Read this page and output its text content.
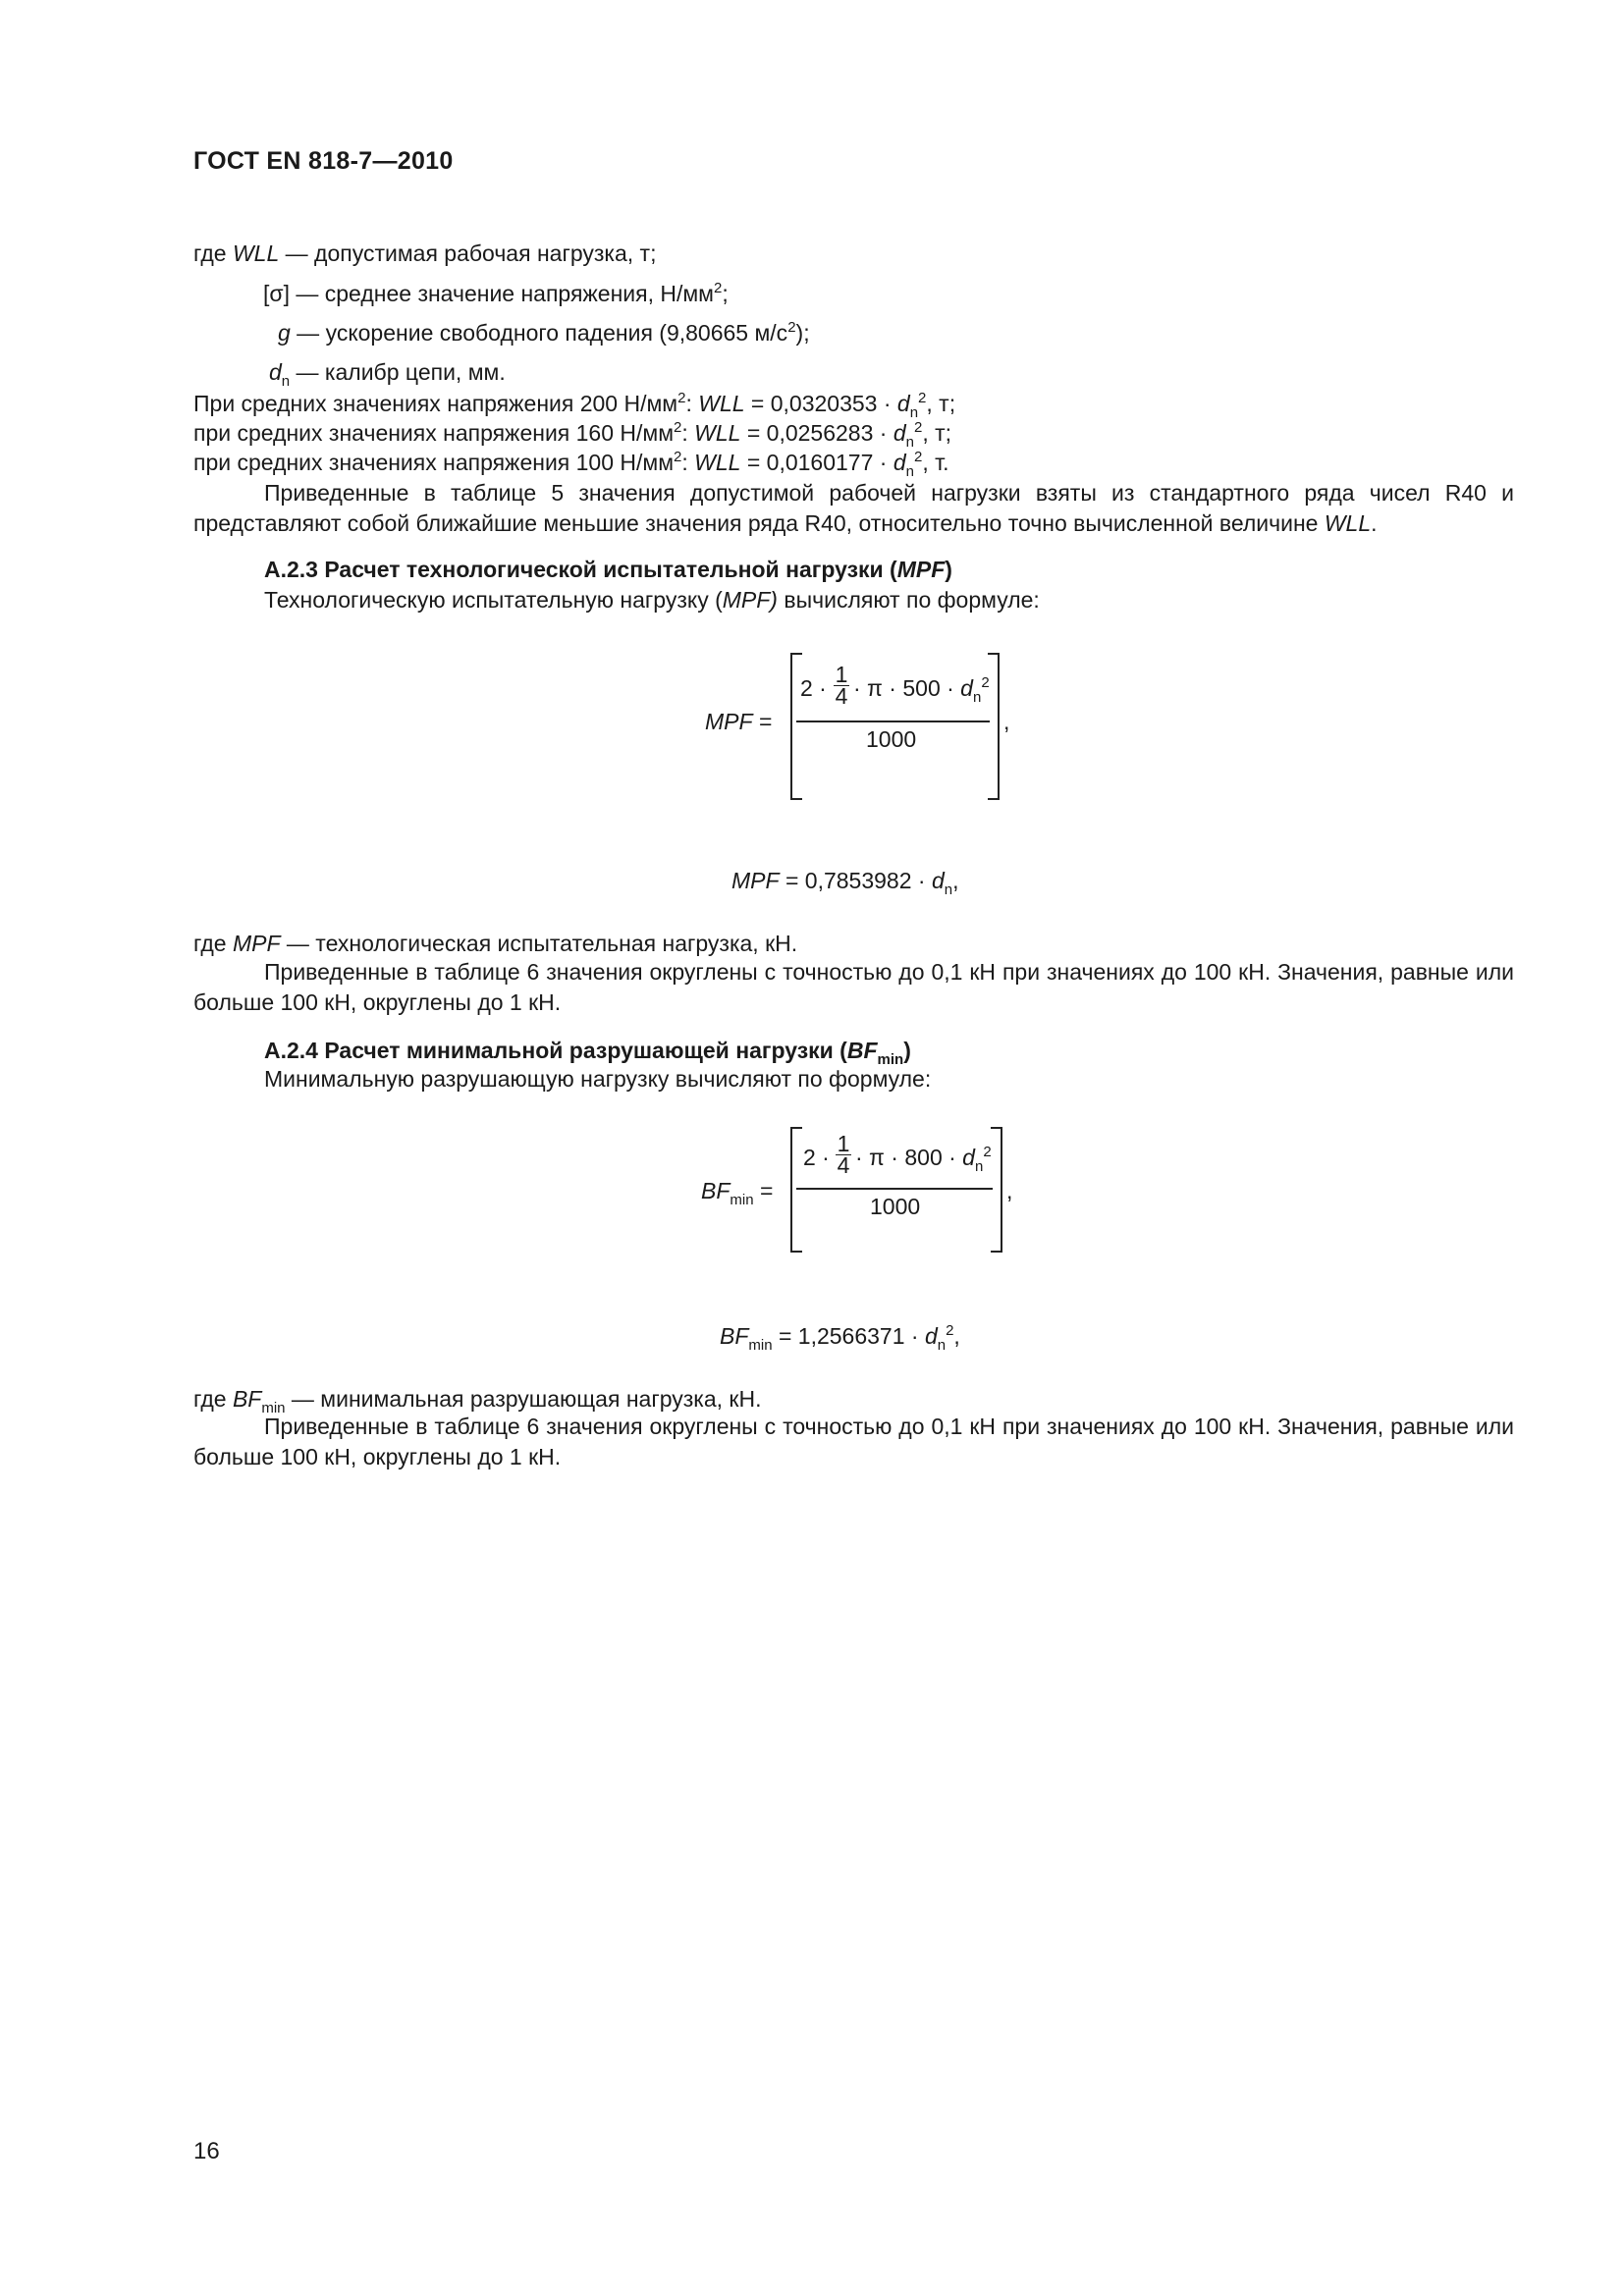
ГОСТ EN 818-7—2010
где WLL — допустимая рабочая нагрузка, т;
[σ] — среднее значение напряжения, $Н/мм^2$;
g — ускорение свободного падения (9,80665 $м/с^2$);
$d_n$ — калибр цепи, мм.
При средних значениях напряжения 200 $Н/мм^2$: WLL = $0,0320353 \cdot d_n^2$, т;
при средних значениях напряжения 160 $Н/мм^2$: WLL = $0,0256283 \cdot d_n^2$, т;
при средних значениях напряжения 100 $Н/мм^2$: WLL = $0,0160177 \cdot d_n^2$, т.
Приведенные в таблице 5 значения допустимой рабочей нагрузки взяты из стандартного ряда чисел R40 и представляют собой ближайшие меньшие значения ряда R40, относительно точно вычисленной величине WLL.
А.2.3 Расчет технологической испытательной нагрузки (MPF)
Технологическую испытательную нагрузку (MPF) вычисляют по формуле:
MPF =
2 ·
1
$4 \cdot \pi \cdot 500 \cdot d_n^2$
1000
,
MPF = $0,7853982 \cdot d_n$,
где MPF — технологическая испытательная нагрузка, кН.
Приведенные в таблице 6 значения округлены с точностью до 0,1 кН при значениях до 100 кН. Значения, равные или больше 100 кН, округлены до 1 кН.
А.2.4 Расчет минимальной разрушающей нагрузки $(BF_{min})$
Минимальную разрушающую нагрузку вычисляют по формуле:
$BF_{min}$ =
2 ·
1
$4 \cdot \pi \cdot 800 \cdot d_n^2$
1000
,
$BF_{min} = 1,2566371 \cdot d_n^2$,
где $BF_{min}$ — минимальная разрушающая нагрузка, кН.
Приведенные в таблице 6 значения округлены с точностью до 0,1 кН при значениях до 100 кН. Значения, равные или больше 100 кН, округлены до 1 кН.
16
